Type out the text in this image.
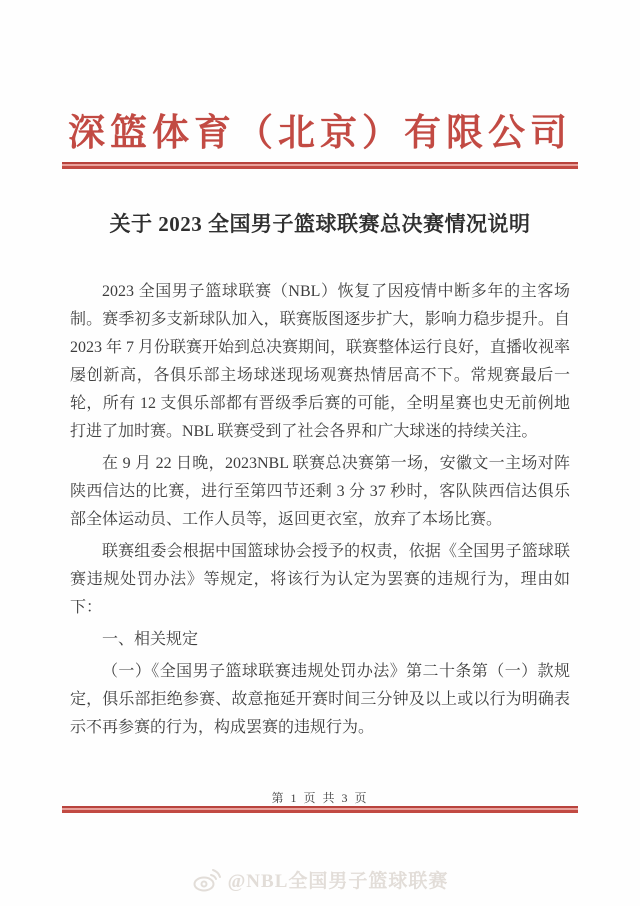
深篮体育（北京）有限公司
关于 2023 全国男子篮球联赛总决赛情况说明

2023 全国男子篮球联赛（NBL）恢复了因疫情中断多年的主客场制。赛季初多支新球队加入，联赛版图逐步扩大，影响力稳步提升。自 2023 年 7 月份联赛开始到总决赛期间，联赛整体运行良好，直播收视率屡创新高，各俱乐部主场球迷现场观赛热情居高不下。常规赛最后一轮，所有 12 支俱乐部都有晋级季后赛的可能，全明星赛也史无前例地打进了加时赛。NBL 联赛受到了社会各界和广大球迷的持续关注。

在 9 月 22 日晚，2023NBL 联赛总决赛第一场，安徽文一主场对阵陕西信达的比赛，进行至第四节还剩 3 分 37 秒时，客队陕西信达俱乐部全体运动员、工作人员等，返回更衣室，放弃了本场比赛。

联赛组委会根据中国篮球协会授予的权责，依据《全国男子篮球联赛违规处罚办法》等规定，将该行为认定为罢赛的违规行为，理由如下：

一、相关规定

（一）《全国男子篮球联赛违规处罚办法》第二十条第（一）款规定，俱乐部拒绝参赛、故意拖延开赛时间三分钟及以上或以行为明确表示不再参赛的行为，构成罢赛的违规行为。

第 1 页 共 3 页
@NBL全国男子篮球联赛
